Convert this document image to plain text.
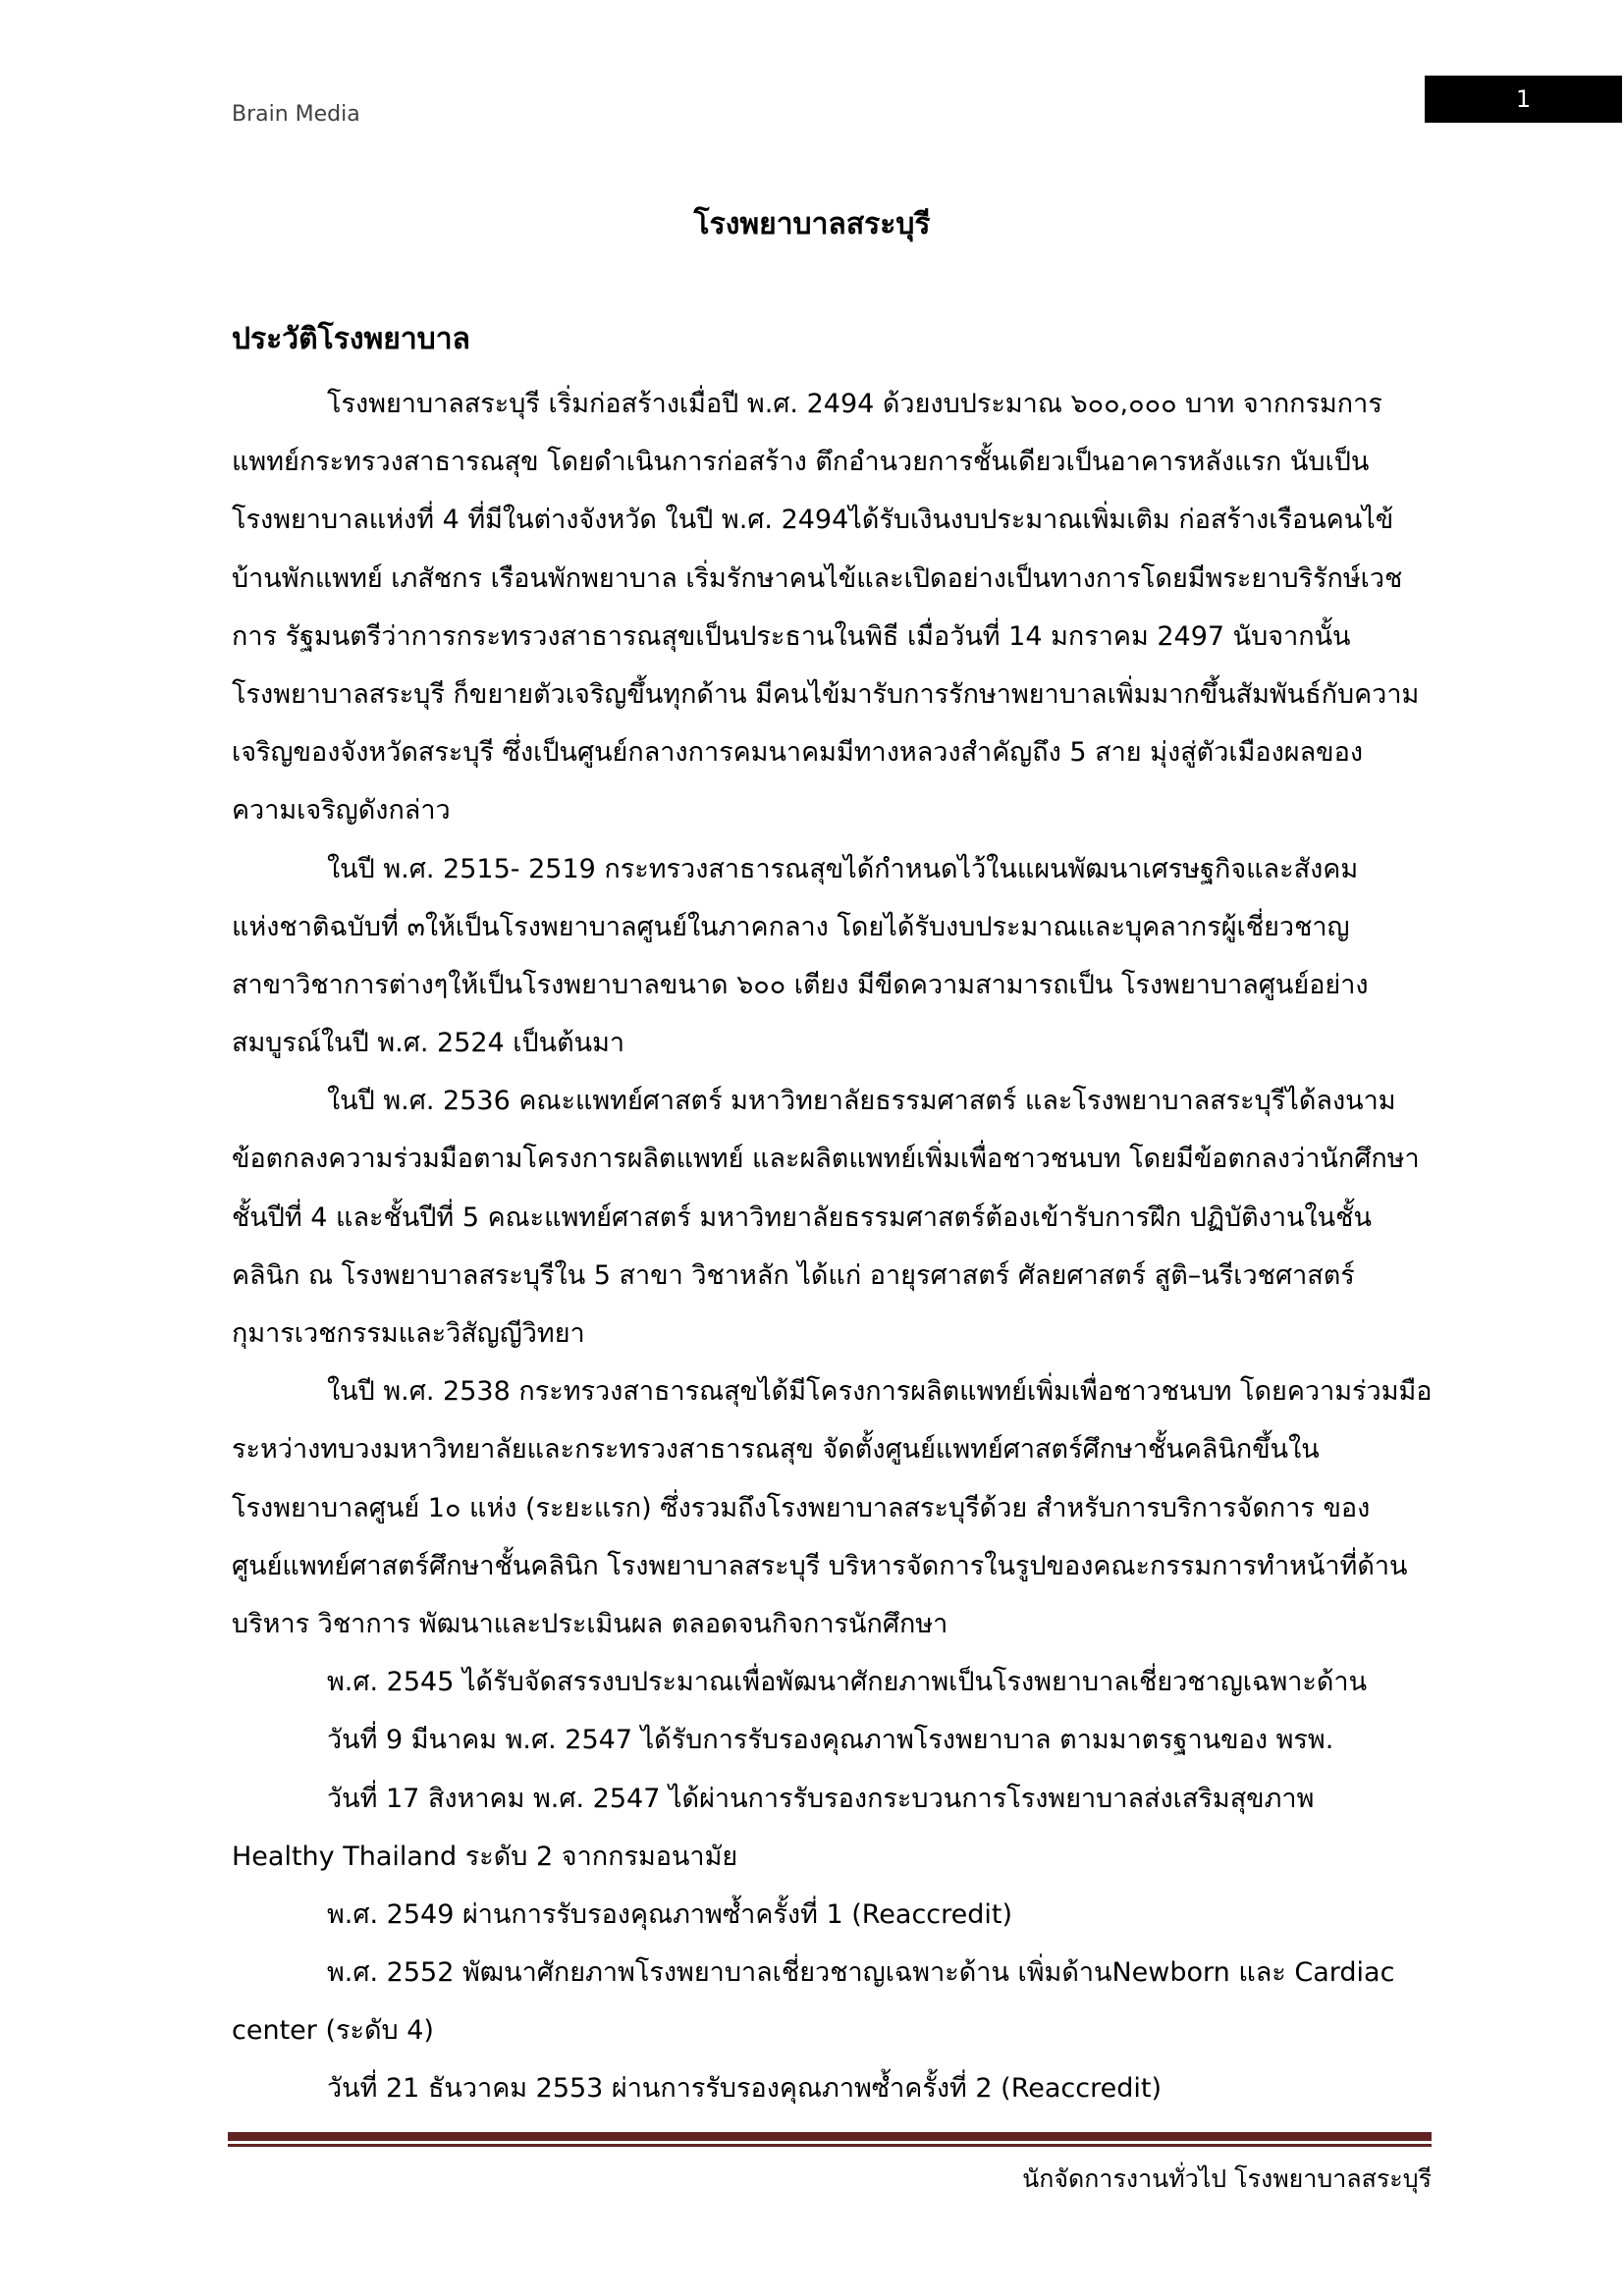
Brain Media
1
โรงพยาบาลสระบุรี
ประวัติโรงพยาบาล
โรงพยาบาลสระบุรี เริ่มก่อสร้างเมื่อปี พ.ศ. 2494 ด้วยงบประมาณ ๖๐๐,๐๐๐ บาท จากกรมการ
แพทย์กระทรวงสาธารณสุข โดยดำเนินการก่อสร้าง ตึกอำนวยการชั้นเดียวเป็นอาคารหลังแรก นับเป็น
โรงพยาบาลแห่งที่ 4 ที่มีในต่างจังหวัด ในปี พ.ศ. 2494ได้รับเงินงบประมาณเพิ่มเติม ก่อสร้างเรือนคนไข้
บ้านพักแพทย์ เภสัชกร เรือนพักพยาบาล เริ่มรักษาคนไข้และเปิดอย่างเป็นทางการโดยมีพระยาบริรักษ์เวช
การ รัฐมนตรีว่าการกระทรวงสาธารณสุขเป็นประธานในพิธี เมื่อวันที่ 14 มกราคม 2497 นับจากนั้น
โรงพยาบาลสระบุรี ก็ขยายตัวเจริญขึ้นทุกด้าน มีคนไข้มารับการรักษาพยาบาลเพิ่มมากขึ้นสัมพันธ์กับความ
เจริญของจังหวัดสระบุรี ซึ่งเป็นศูนย์กลางการคมนาคมมีทางหลวงสำคัญถึง 5 สาย มุ่งสู่ตัวเมืองผลของ
ความเจริญดังกล่าว
ในปี พ.ศ. 2515- 2519 กระทรวงสาธารณสุขได้กำหนดไว้ในแผนพัฒนาเศรษฐกิจและสังคม
แห่งชาติฉบับที่ ๓ให้เป็นโรงพยาบาลศูนย์ในภาคกลาง โดยได้รับงบประมาณและบุคลากรผู้เชี่ยวชาญ
สาขาวิชาการต่างๆให้เป็นโรงพยาบาลขนาด ๖๐๐ เตียง มีขีดความสามารถเป็น โรงพยาบาลศูนย์อย่าง
สมบูรณ์ในปี พ.ศ. 2524 เป็นต้นมา
ในปี พ.ศ. 2536 คณะแพทย์ศาสตร์ มหาวิทยาลัยธรรมศาสตร์ และโรงพยาบาลสระบุรีได้ลงนาม
ข้อตกลงความร่วมมือตามโครงการผลิตแพทย์ และผลิตแพทย์เพิ่มเพื่อชาวชนบท โดยมีข้อตกลงว่านักศึกษา
ชั้นปีที่ 4 และชั้นปีที่ 5 คณะแพทย์ศาสตร์ มหาวิทยาลัยธรรมศาสตร์ต้องเข้ารับการฝึก ปฏิบัติงานในชั้น
คลินิก ณ โรงพยาบาลสระบุรีใน 5 สาขา วิชาหลัก ได้แก่ อายุรศาสตร์ ศัลยศาสตร์ สูติ–นรีเวชศาสตร์
กุมารเวชกรรมและวิสัญญีวิทยา
ในปี พ.ศ. 2538 กระทรวงสาธารณสุขได้มีโครงการผลิตแพทย์เพิ่มเพื่อชาวชนบท โดยความร่วมมือ
ระหว่างทบวงมหาวิทยาลัยและกระทรวงสาธารณสุข จัดตั้งศูนย์แพทย์ศาสตร์ศึกษาชั้นคลินิกขึ้นใน
โรงพยาบาลศูนย์ 1๐ แห่ง (ระยะแรก) ซึ่งรวมถึงโรงพยาบาลสระบุรีด้วย สำหรับการบริการจัดการ ของ
ศูนย์แพทย์ศาสตร์ศึกษาชั้นคลินิก โรงพยาบาลสระบุรี บริหารจัดการในรูปของคณะกรรมการทำหน้าที่ด้าน
บริหาร วิชาการ พัฒนาและประเมินผล ตลอดจนกิจการนักศึกษา
พ.ศ. 2545 ได้รับจัดสรรงบประมาณเพื่อพัฒนาศักยภาพเป็นโรงพยาบาลเชี่ยวชาญเฉพาะด้าน
วันที่ 9 มีนาคม พ.ศ. 2547 ได้รับการรับรองคุณภาพโรงพยาบาล ตามมาตรฐานของ พรพ.
วันที่ 17 สิงหาคม พ.ศ. 2547 ได้ผ่านการรับรองกระบวนการโรงพยาบาลส่งเสริมสุขภาพ
Healthy Thailand ระดับ 2 จากกรมอนามัย
พ.ศ. 2549 ผ่านการรับรองคุณภาพซ้ำครั้งที่ 1 (Reaccredit)
พ.ศ. 2552 พัฒนาศักยภาพโรงพยาบาลเชี่ยวชาญเฉพาะด้าน เพิ่มด้านNewborn และ Cardiac
center (ระดับ 4)
วันที่ 21 ธันวาคม 2553 ผ่านการรับรองคุณภาพซ้ำครั้งที่ 2 (Reaccredit)
นักจัดการงานทั่วไป โรงพยาบาลสระบุรี
